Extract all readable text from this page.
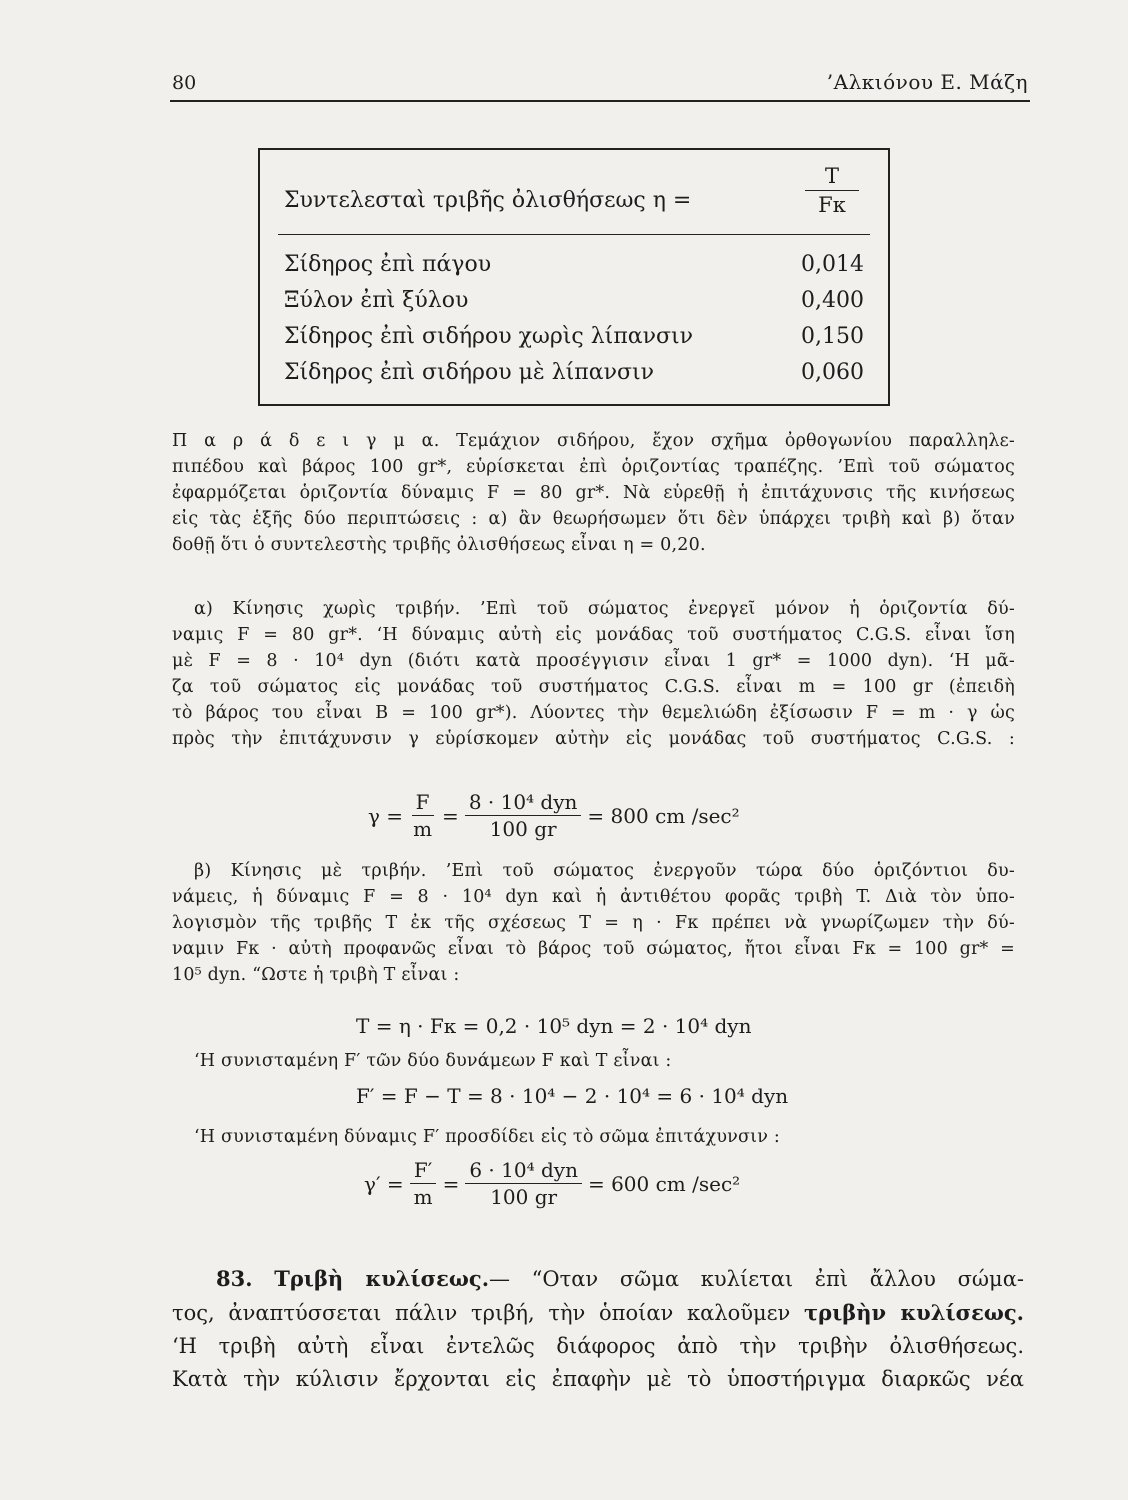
80	’Αλκιόνου Ε. Μάζη
Συντελεσταὶ τριβῆς ὀλισθήσεως η =	$\frac{T}{F\kappa}$
Σίδηρος ἐπὶ πάγου	0,014
Ξύλον ἐπὶ ξύλου	0,400
Σίδηρος ἐπὶ σιδήρου χωρὶς λίπανσιν	0,150
Σίδηρος ἐπὶ σιδήρου μὲ λίπανσιν	0,060
Π α ρ ά δ ε ι γ μ α. Τεμάχιον σιδήρου, ἔχον σχῆμα ὀρθογωνίου παραλληλε-
πιπέδου καὶ βάρος 100 gr*, εὑρίσκεται ἐπὶ ὁριζοντίας τραπέζης. ’Επὶ τοῦ σώματος
ἐφαρμόζεται ὁριζοντία δύναμις F = 80 gr*. Νὰ εὑρεθῇ ἡ ἐπιτάχυνσις τῆς κινήσεως
εἰς τὰς ἑξῆς δύο περιπτώσεις : α) ἂν θεωρήσωμεν ὅτι δὲν ὑπάρχει τριβὴ καὶ β) ὅταν
δοθῇ ὅτι ὁ συντελεστὴς τριβῆς ὀλισθήσεως εἶναι η = 0,20.
α) Κίνησις χωρὶς τριβήν. ’Επὶ τοῦ σώματος ἐνεργεῖ μόνον ἡ ὁριζοντία δύ-
ναμις F = 80 gr*. ‘Η δύναμις αὐτὴ εἰς μονάδας τοῦ συστήματος C.G.S. εἶναι ἴση
μὲ F = 8 · 10⁴ dyn (διότι κατὰ προσέγγισιν εἶναι 1 gr* = 1000 dyn). ‘Η μᾶ-
ζα τοῦ σώματος εἰς μονάδας τοῦ συστήματος C.G.S. εἶναι m = 100 gr (ἐπειδὴ
τὸ βάρος του εἶναι B = 100 gr*). Λύοντες τὴν θεμελιώδη ἐξίσωσιν F = m · γ ὡς
πρὸς τὴν ἐπιτάχυνσιν γ εὑρίσκομεν αὐτὴν εἰς μονάδας τοῦ συστήματος C.G.S. :
$\gamma = \frac{F}{m} = \frac{\text{8 · 10⁴ dyn}}{100 gr} = 800$ cm /sec²
β) Κίνησις μὲ τριβήν. ’Επὶ τοῦ σώματος ἐνεργοῦν τώρα δύο ὁριζόντιοι δυ-
νάμεις, ἡ δύναμις F = 8 · 10⁴ dyn καὶ ἡ ἀντιθέτου φορᾶς τριβὴ T. Διὰ τὸν ὑπο-
λογισμὸν τῆς τριβῆς T ἐκ τῆς σχέσεως T = η · Fκ πρέπει νὰ γνωρίζωμεν τὴν δύ-
ναμιν Fκ · αὐτὴ προφανῶς εἶναι τὸ βάρος τοῦ σώματος, ἤτοι εἶναι Fκ = 100 gr* =
10⁵ dyn. “Ωστε ἡ τριβὴ T εἶναι :
T = η · Fκ = 0,2 · 10⁵ dyn = 2 · 10⁴ dyn
‘Η συνισταμένη F′ τῶν δύο δυνάμεων F καὶ T εἶναι :
F′ = F − T = 8 · 10⁴ − 2 · 10⁴ = 6 · 10⁴ dyn
‘Η συνισταμένη δύναμις F′ προσδίδει εἰς τὸ σῶμα ἐπιτάχυνσιν :
$\gamma' = \frac{F'}{m} = \frac{\text{6 · 10⁴ dyn}}{100 gr} = 600$ cm /sec²
83. Τριβὴ κυλίσεως.— “Οταν σῶμα κυλίεται ἐπὶ ἄλλου σώμα-
τος, ἀναπτύσσεται πάλιν τριβή, τὴν ὁποίαν καλοῦμεν τριβὴν κυλίσεως.
‘Η τριβὴ αὐτὴ εἶναι ἐντελῶς διάφορος ἀπὸ τὴν τριβὴν ὀλισθήσεως.
Κατὰ τὴν κύλισιν ἔρχονται εἰς ἐπαφὴν μὲ τὸ ὑποστήριγμα διαρκῶς νέα
